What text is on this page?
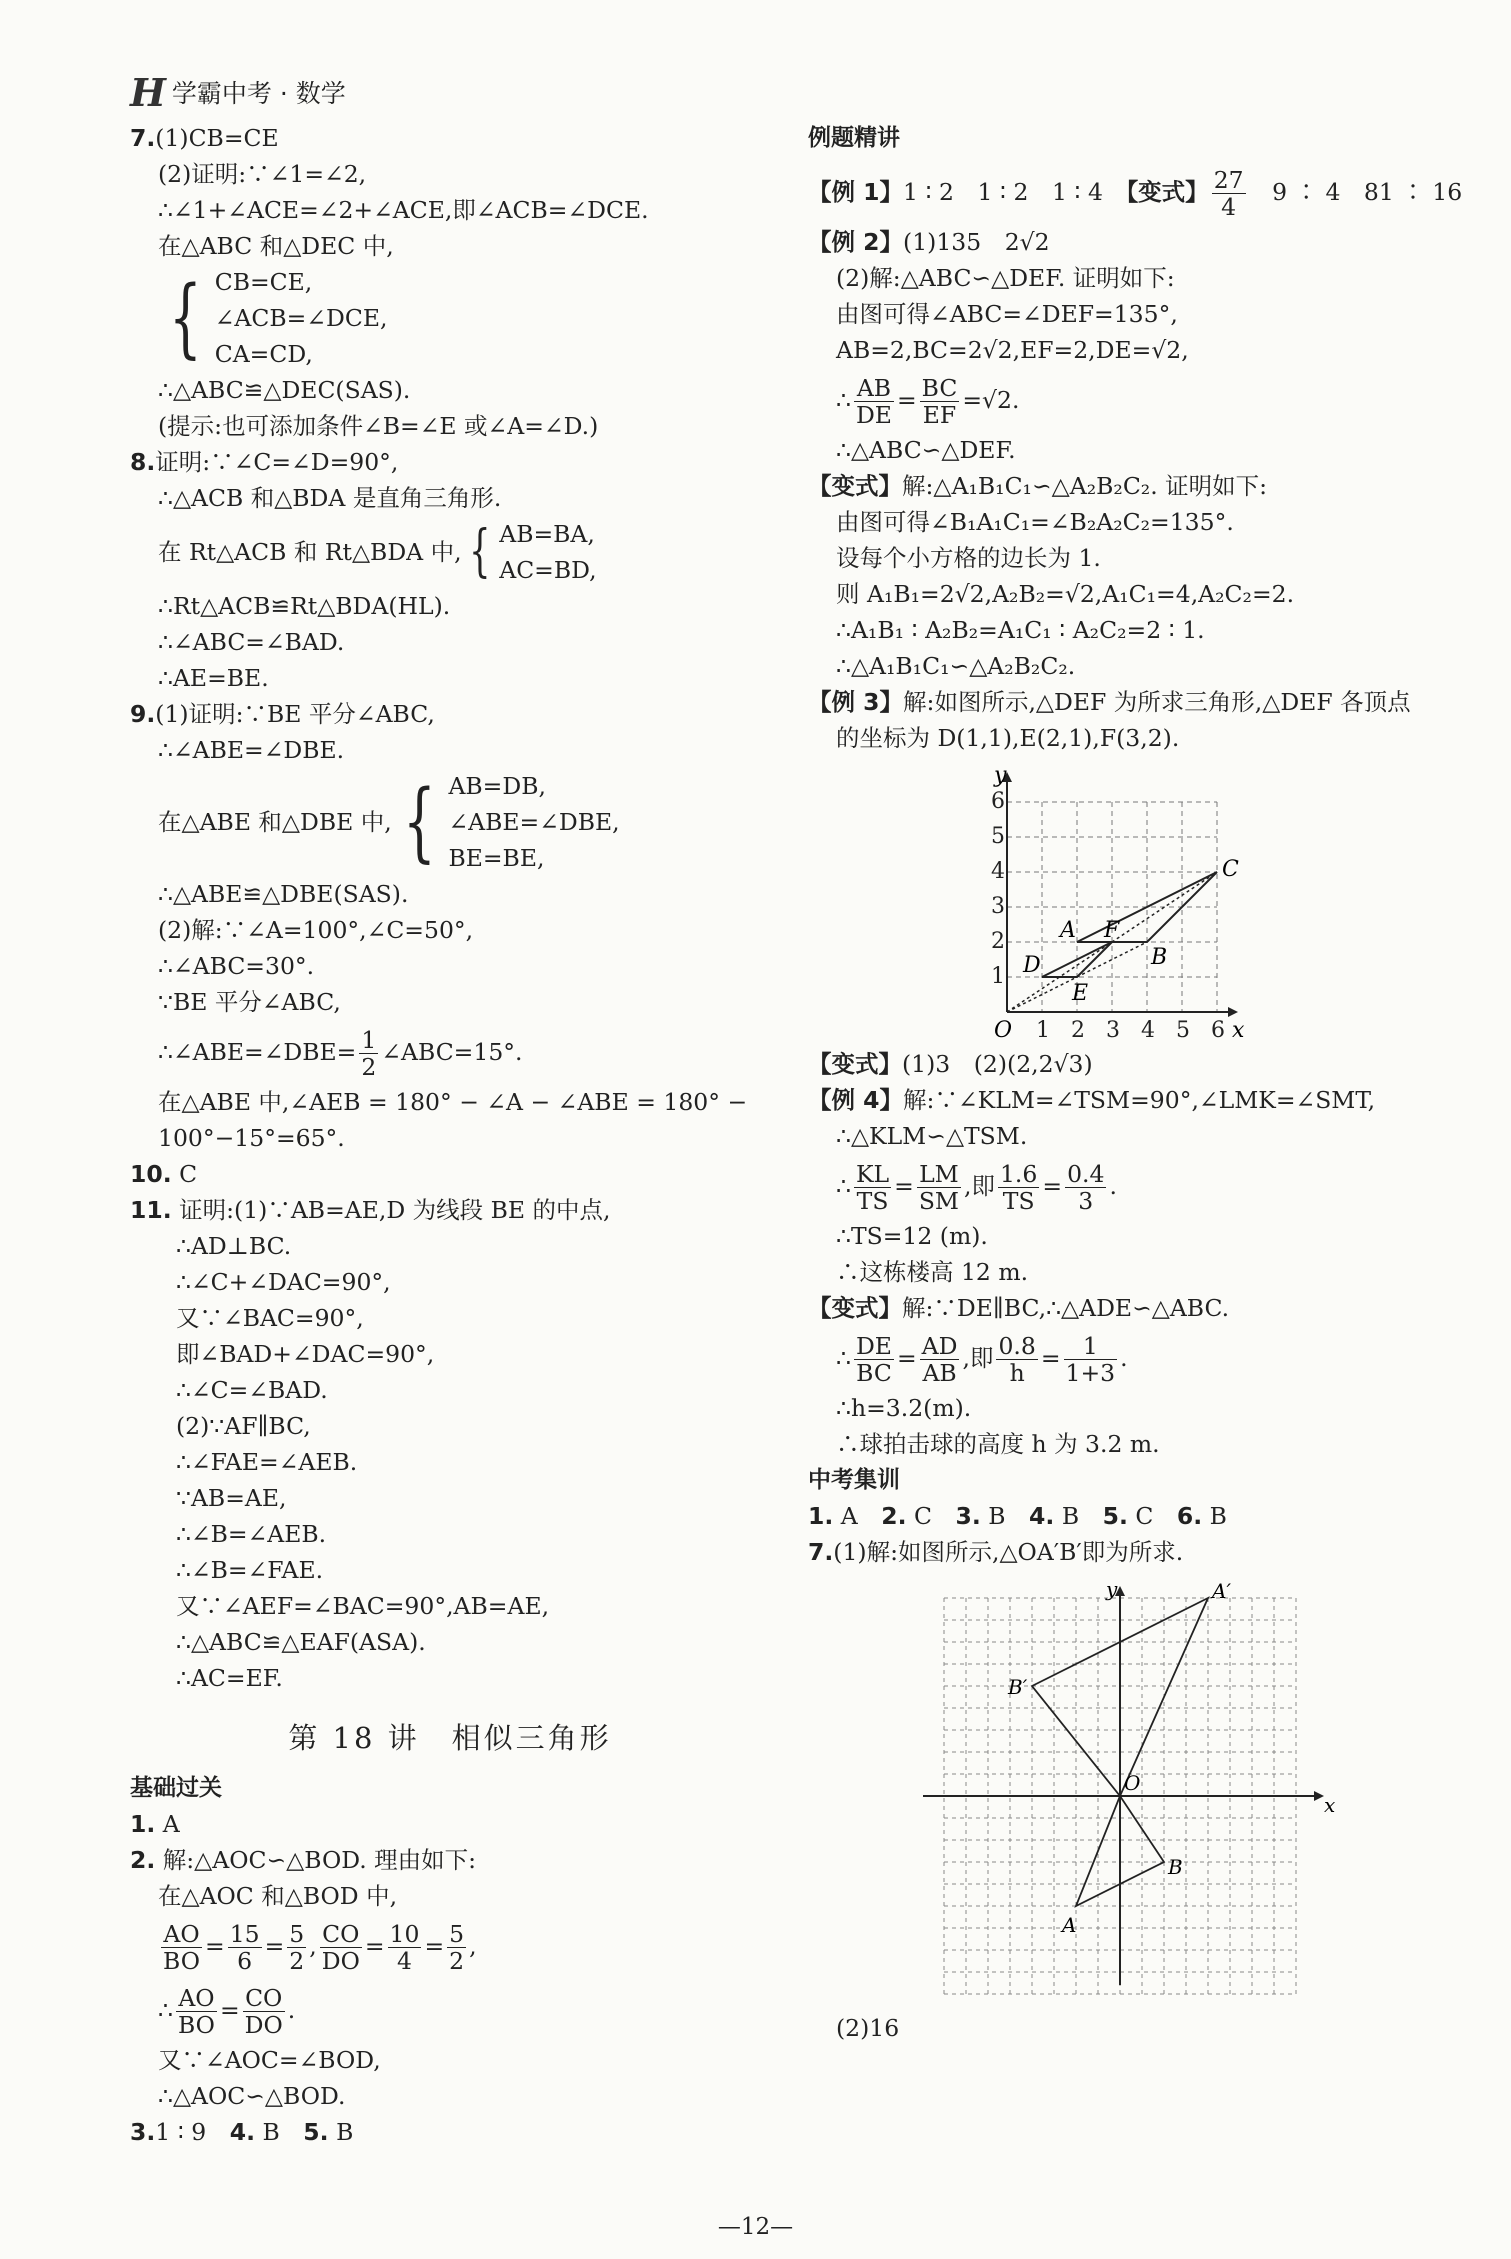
H 学霸中考 · 数学
7.(1)CB=CE
(2)证明:∵∠1=∠2,
∴∠1+∠ACE=∠2+∠ACE,即∠ACB=∠DCE.
在△ABC 和△DEC 中,
{ CB=CE,
∠ACB=∠DCE,
CA=CD,
∴△ABC≌△DEC(SAS).
(提示:也可添加条件∠B=∠E 或∠A=∠D.)
8.证明:∵∠C=∠D=90°,
∴△ACB 和△BDA 是直角三角形.
在 Rt△ACB 和 Rt△BDA 中, { AB=BA,
AC=BD,
∴Rt△ACB≌Rt△BDA(HL).
∴∠ABC=∠BAD.
∴AE=BE.
9.(1)证明:∵BE 平分∠ABC,
∴∠ABE=∠DBE.
在△ABE 和△DBE 中, { AB=DB,
∠ABE=∠DBE,
BE=BE,
∴△ABE≌△DBE(SAS).
(2)解:∵∠A=100°,∠C=50°,
∴∠ABC=30°.
∵BE 平分∠ABC,
∴∠ABE=∠DBE= $\frac{1}{2}$ ∠ABC=15°.
在△ABE 中,∠AEB = 180° − ∠A − ∠ABE = 180° −
100°−15°=65°.
10. C
11. 证明:(1)∵AB=AE,D 为线段 BE 的中点,
∴AD⊥BC.
∴∠C+∠DAC=90°,
又∵∠BAC=90°,
即∠BAD+∠DAC=90°,
∴∠C=∠BAD.
(2)∵AF∥BC,
∴∠FAE=∠AEB.
∵AB=AE,
∴∠B=∠AEB.
∴∠B=∠FAE.
又∵∠AEF=∠BAC=90°,AB=AE,
∴△ABC≌△EAF(ASA).
∴AC=EF.
第 18 讲　相似三角形
基础过关
1. A
2. 解:△AOC∽△BOD. 理由如下:
在△AOC 和△BOD 中,
$\frac{AO}{BO} = \frac{15}{6} = \frac{5}{2}$ , $\frac{CO}{DO} = \frac{10}{4} = \frac{5}{2}$ ,
∴ $\frac{AO}{BO} = \frac{CO}{DO}$ .
又∵∠AOC=∠BOD,
∴△AOC∽△BOD.
3.1 ∶ 9　 4. B　 5. B
例题精讲
【例 1】1 ∶ 2　1 ∶ 2　1 ∶ 4　 【变式】 $\frac{27}{4}$
　 9 ∶ 4　81 ∶ 16
【例 2】(1)135　2√2
(2)解:△ABC∽△DEF. 证明如下:
由图可得∠ABC=∠DEF=135°,
AB=2,BC=2√2,EF=2,DE=√2,
∴ $\frac{AB}{DE} = \frac{BC}{EF} =√2$.
∴△ABC∽△DEF.
【变式】解:△A₁B₁C₁∽△A₂B₂C₂. 证明如下:
由图可得∠B₁A₁C₁=∠B₂A₂C₂=135°.
设每个小方格的边长为 1.
则 A₁B₁=2√2,A₂B₂=√2,A₁C₁=4,A₂C₂=2.
∴A₁B₁ ∶ A₂B₂=A₁C₁ ∶ A₂C₂=2 ∶ 1.
∴△A₁B₁C₁∽△A₂B₂C₂.
【例 3】解:如图所示,△DEF 为所求三角形,△DEF 各顶点
的坐标为 D(1,1),E(2,1),F(3,2).
1
2
3
4
5
6
1 2 3 4 5 6
O
y
x
A
B
C
D
E
F
【变式】(1)3　(2)(2,2√3)
【例 4】解:∵∠KLM=∠TSM=90°,∠LMK=∠SMT,
∴△KLM∽△TSM.
∴ $\frac{KL}{TS} = \frac{LM}{SM}$ ,即 $\frac{1.6}{TS} = \frac{0.4}{3}$ .
∴TS=12 (m).
∴这栋楼高 12 m.
【变式】解:∵DE∥BC,∴△ADE∽△ABC.
∴ $\frac{DE}{BC} = \frac{AD}{AB}$ ,即 $\frac{0.8}{h} = \frac{1}{1+3}$ .
∴h=3.2(m).
∴球拍击球的高度 h 为 3.2 m.
中考集训
1. A　 2. C　 3. B　 4. B　 5. C　 6. B
7.(1)解:如图所示,△OA′B′即为所求.
y
x
O
A′
B′
A
B
(2)16
—12—
